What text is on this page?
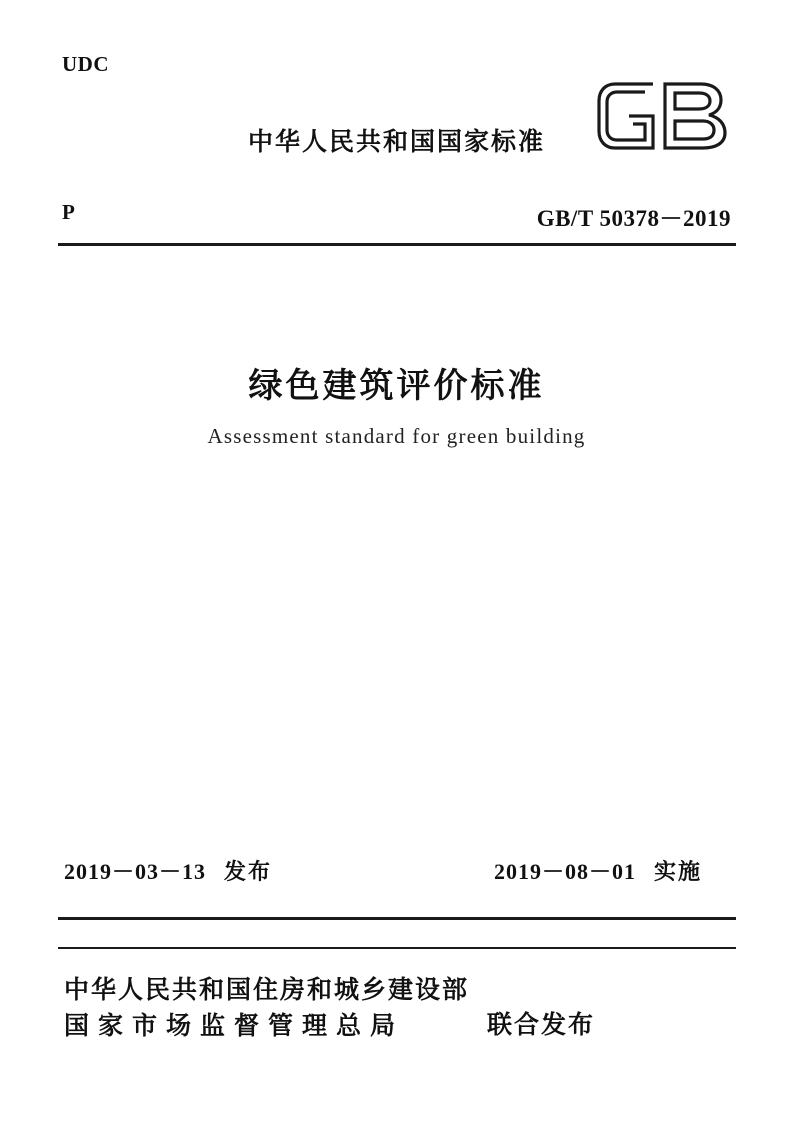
UDC
中华人民共和国国家标准
P	GB/T 50378－2019
绿色建筑评价标准
Assessment standard for green building
2019－03－13 发布	2019－08－01 实施
中华人民共和国住房和城乡建设部
国家市场监督管理总局	联合发布
